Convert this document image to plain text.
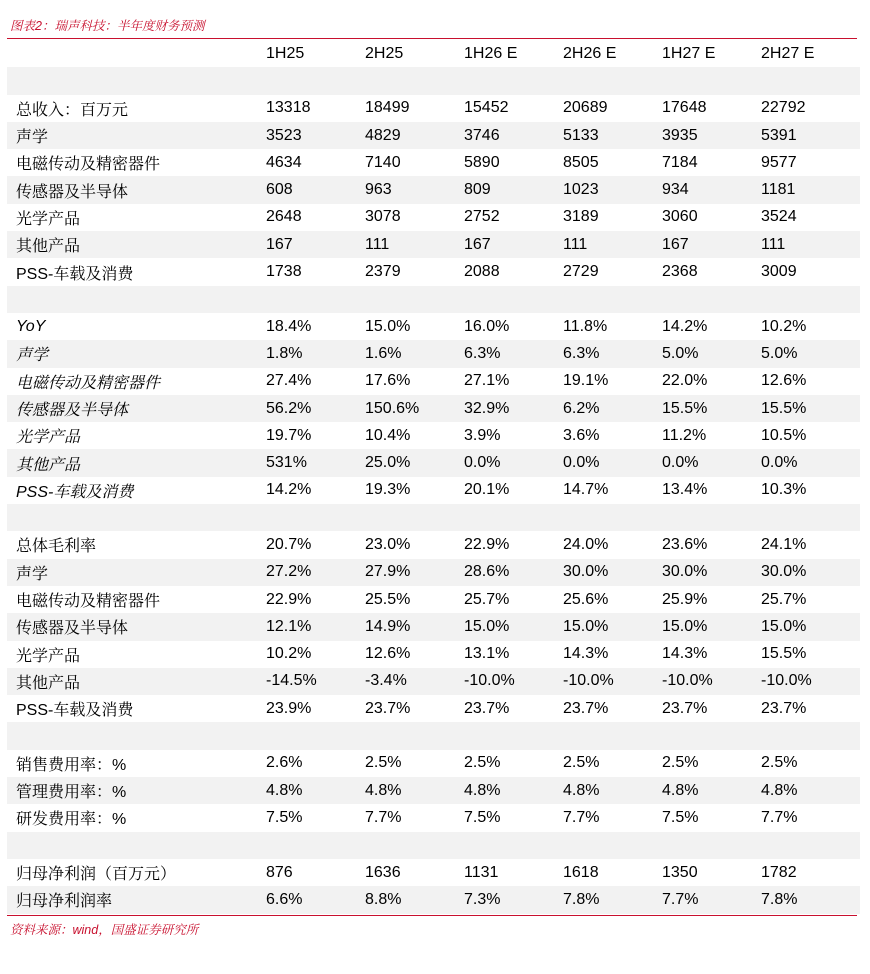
图表2：瑞声科技：半年度财务预测
	1H25	2H25	1H26 E	2H26 E	1H27 E	2H27 E

总收入：百万元	13318	18499	15452	20689	17648	22792
声学	3523	4829	3746	5133	3935	5391
电磁传动及精密器件	4634	7140	5890	8505	7184	9577
传感器及半导体	608	963	809	1023	934	1181
光学产品	2648	3078	2752	3189	3060	3524
其他产品	167	111	167	111	167	111
PSS-车载及消费	1738	2379	2088	2729	2368	3009

YoY	18.4%	15.0%	16.0%	11.8%	14.2%	10.2%
声学	1.8%	1.6%	6.3%	6.3%	5.0%	5.0%
电磁传动及精密器件	27.4%	17.6%	27.1%	19.1%	22.0%	12.6%
传感器及半导体	56.2%	150.6%	32.9%	6.2%	15.5%	15.5%
光学产品	19.7%	10.4%	3.9%	3.6%	11.2%	10.5%
其他产品	531%	25.0%	0.0%	0.0%	0.0%	0.0%
PSS-车载及消费	14.2%	19.3%	20.1%	14.7%	13.4%	10.3%

总体毛利率	20.7%	23.0%	22.9%	24.0%	23.6%	24.1%
声学	27.2%	27.9%	28.6%	30.0%	30.0%	30.0%
电磁传动及精密器件	22.9%	25.5%	25.7%	25.6%	25.9%	25.7%
传感器及半导体	12.1%	14.9%	15.0%	15.0%	15.0%	15.0%
光学产品	10.2%	12.6%	13.1%	14.3%	14.3%	15.5%
其他产品	-14.5%	-3.4%	-10.0%	-10.0%	-10.0%	-10.0%
PSS-车载及消费	23.9%	23.7%	23.7%	23.7%	23.7%	23.7%

销售费用率：%	2.6%	2.5%	2.5%	2.5%	2.5%	2.5%
管理费用率：%	4.8%	4.8%	4.8%	4.8%	4.8%	4.8%
研发费用率：%	7.5%	7.7%	7.5%	7.7%	7.5%	7.7%

归母净利润（百万元）	876	1636	1131	1618	1350	1782
归母净利润率	6.6%	8.8%	7.3%	7.8%	7.7%	7.8%
资料来源：wind，国盛证券研究所
